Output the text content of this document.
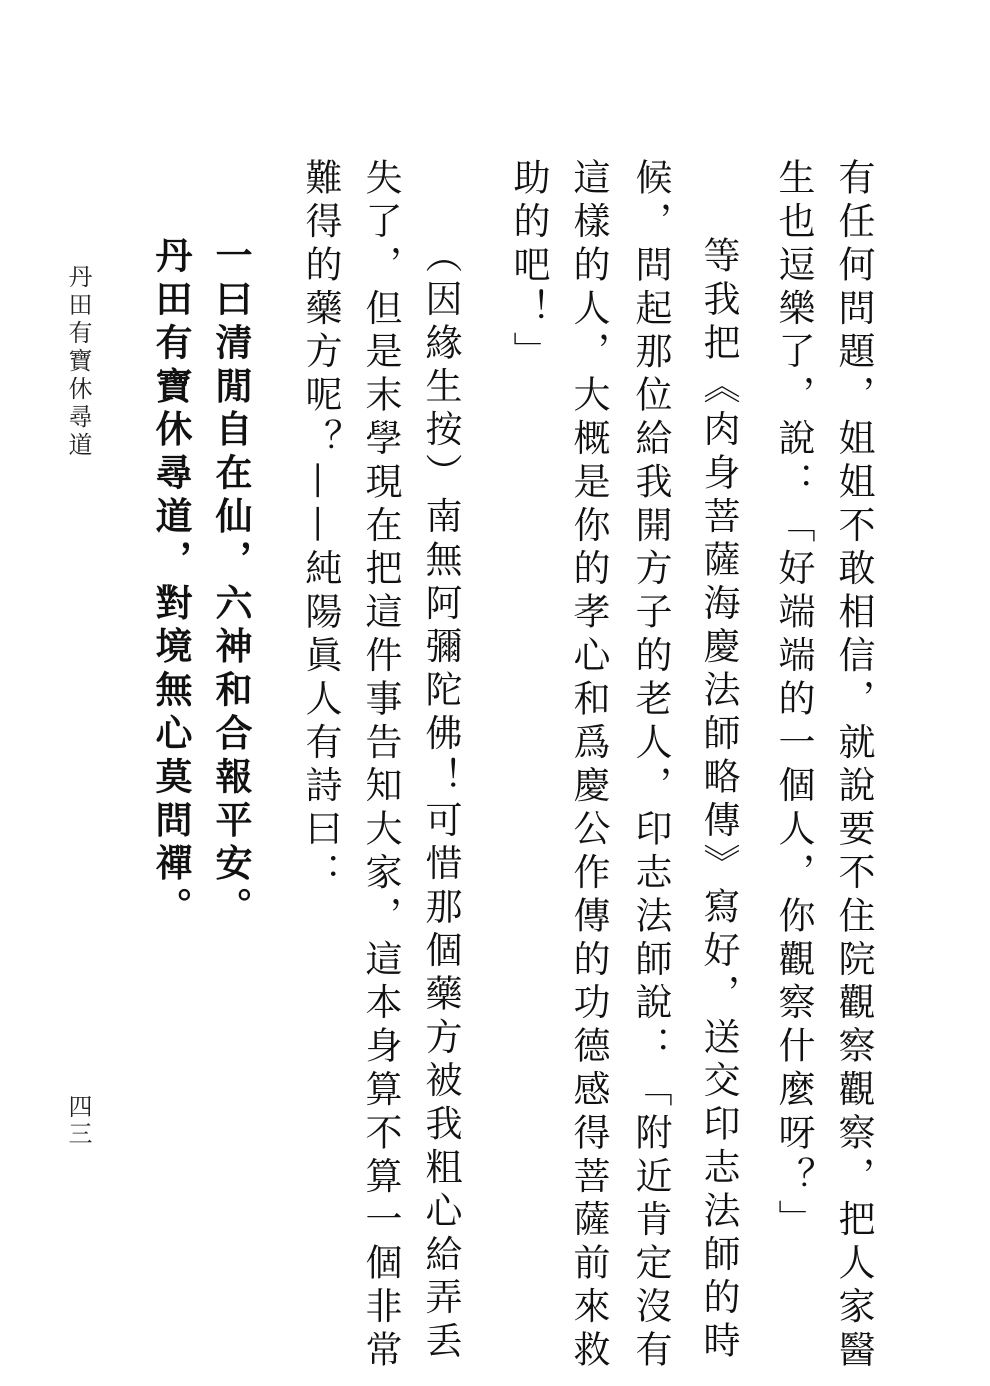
有任何問題，姐姐不敢相信，就說要不住院觀察觀察，把人家醫
生也逗樂了，說：「好端端的一個人，你觀察什麼呀？」
等我把《肉身菩薩海慶法師略傳》寫好，送交印志法師的時
候，問起那位給我開方子的老人，印志法師說：「附近肯定沒有
這樣的人，大概是你的孝心和爲慶公作傳的功德感得菩薩前來救
助的吧！」
（因緣生按）南無阿彌陀佛！可惜那個藥方被我粗心給弄丢
失了，但是末學現在把這件事告知大家，這本身算不算一個非常
難得的藥方呢？——純陽眞人有詩曰：
一曰清閒自在仙，六神和合報平安。
丹田有寶休尋道，對境無心莫問禪。
丹田有寶休尋道
四三
